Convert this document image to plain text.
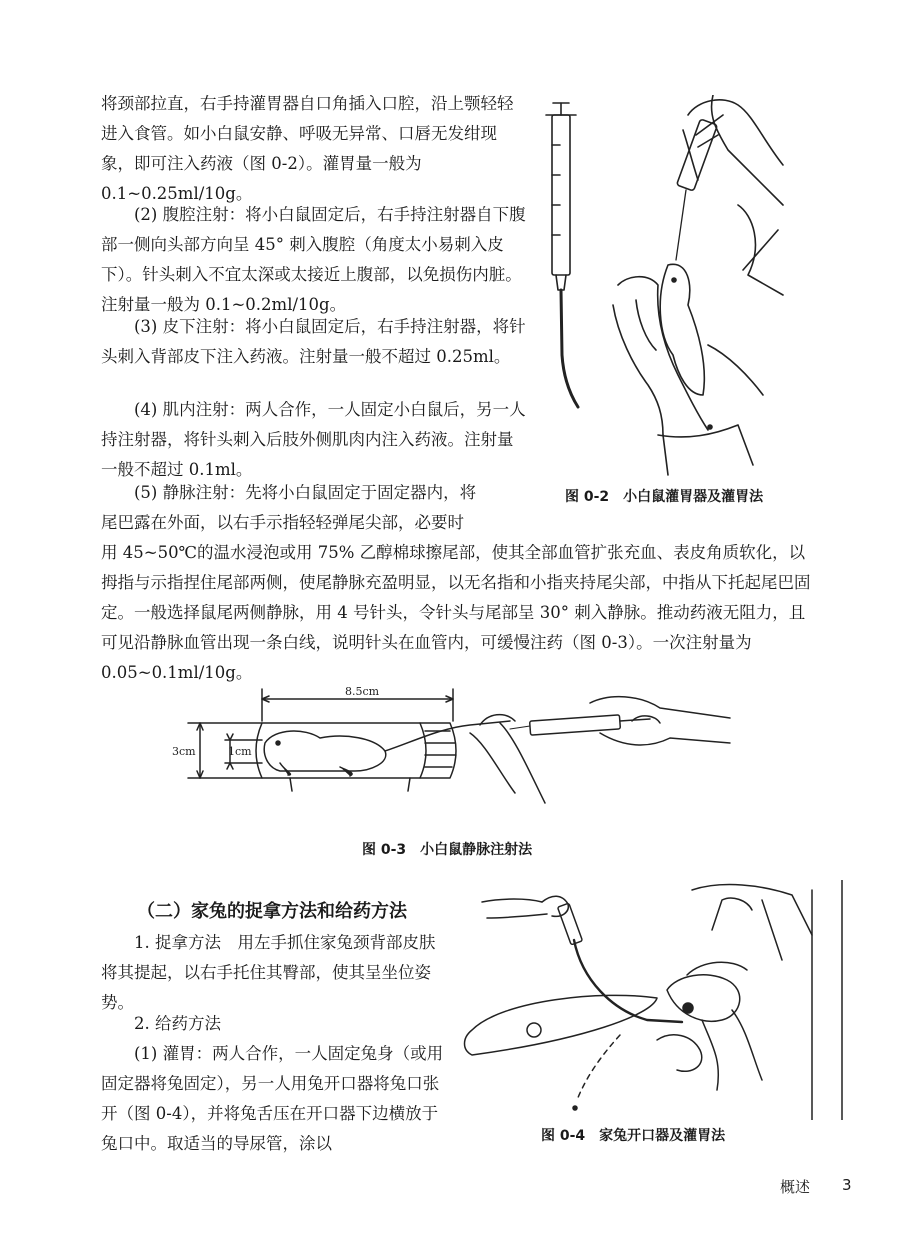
将颈部拉直，右手持灌胃器自口角插入口腔，沿上颚轻轻进入食管。如小白鼠安静、呼吸无异常、口唇无发绀现象，即可注入药液（图 0-2）。灌胃量一般为 0.1~0.25ml/10g。

(2) 腹腔注射：将小白鼠固定后，右手持注射器自下腹部一侧向头部方向呈 45° 刺入腹腔（角度太小易刺入皮下）。针头刺入不宜太深或太接近上腹部，以免损伤内脏。注射量一般为 0.1~0.2ml/10g。

(3) 皮下注射：将小白鼠固定后，右手持注射器，将针头刺入背部皮下注入药液。注射量一般不超过 0.25ml。

(4) 肌内注射：两人合作，一人固定小白鼠后，另一人持注射器，将针头刺入后肢外侧肌肉内注入药液。注射量一般不超过 0.1ml。

(5) 静脉注射：先将小白鼠固定于固定器内，将
尾巴露在外面，以右手示指轻轻弹尾尖部，必要时
用 45~50℃的温水浸泡或用 75% 乙醇棉球擦尾部，使其全部血管扩张充血、表皮角质软化，以拇指与示指捏住尾部两侧，使尾静脉充盈明显，以无名指和小指夹持尾尖部，中指从下托起尾巴固定。一般选择鼠尾两侧静脉，用 4 号针头，令针头与尾部呈 30° 刺入静脉。推动药液无阻力，且可见沿静脉血管出现一条白线，说明针头在血管内，可缓慢注药（图 0-3）。一次注射量为 0.05~0.1ml/10g。
图 0-2　小白鼠灌胃器及灌胃法
8.5cm
3cm	1cm
图 0-3　小白鼠静脉注射法
（二）家兔的捉拿方法和给药方法

1. 捉拿方法　用左手抓住家兔颈背部皮肤将其提起，以右手托住其臀部，使其呈坐位姿势。

2. 给药方法
(1) 灌胃：两人合作，一人固定兔身（或用固定器将兔固定），另一人用兔开口器将兔口张开（图 0-4），并将兔舌压在开口器下边横放于兔口中。取适当的导尿管，涂以	图 0-4　家兔开口器及灌胃法
概述 3
